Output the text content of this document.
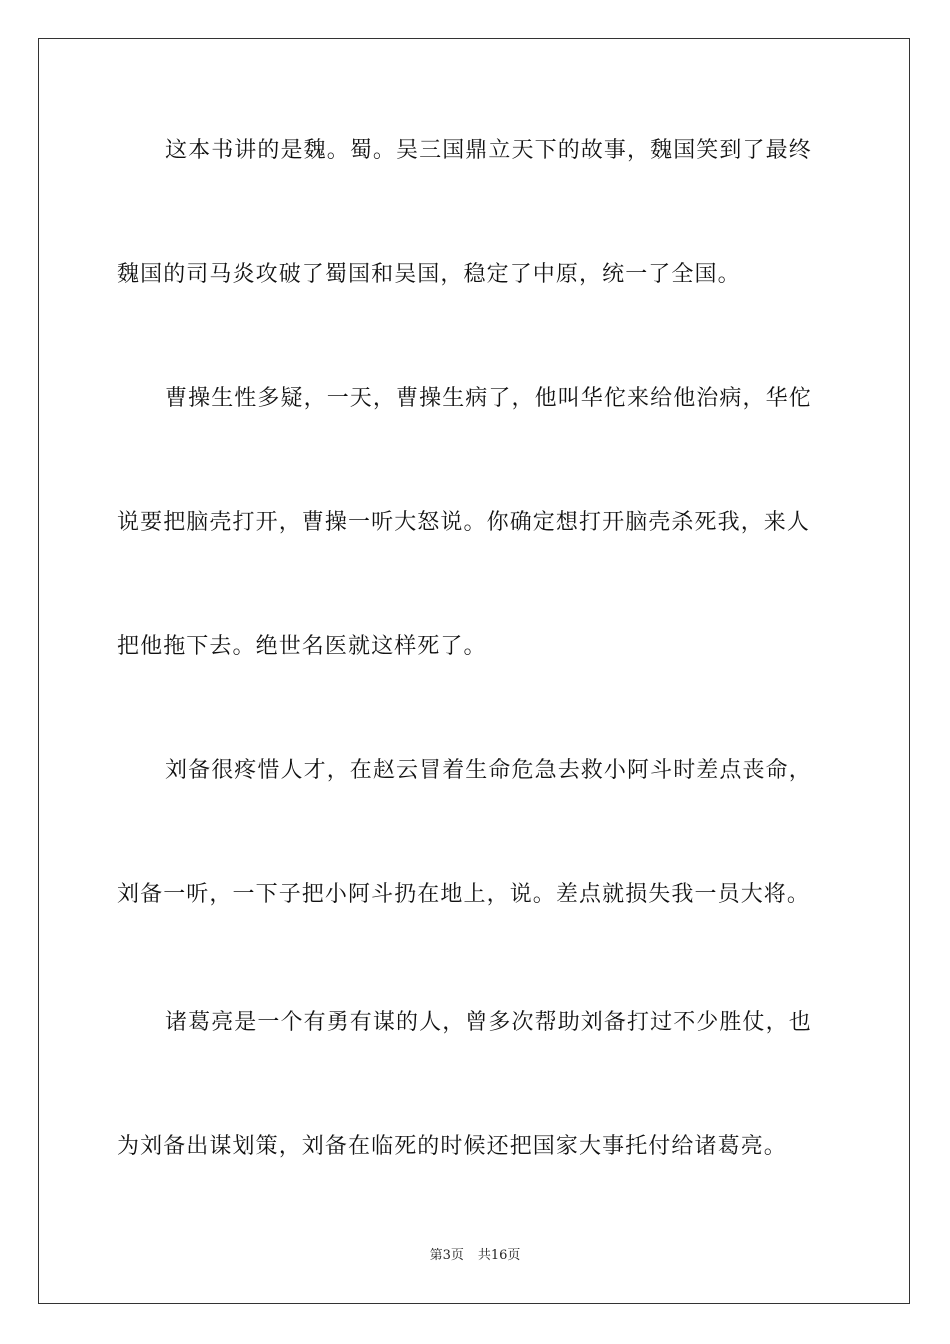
这本书讲的是魏。蜀。吴三国鼎立天下的故事，魏国笑到了最终
魏国的司马炎攻破了蜀国和吴国，稳定了中原，统一了全国。
曹操生性多疑，一天，曹操生病了，他叫华佗来给他治病，华佗
说要把脑壳打开，曹操一听大怒说。你确定想打开脑壳杀死我，来人
把他拖下去。绝世名医就这样死了。
刘备很疼惜人才，在赵云冒着生命危急去救小阿斗时差点丧命，
刘备一听，一下子把小阿斗扔在地上，说。差点就损失我一员大将。
诸葛亮是一个有勇有谋的人，曾多次帮助刘备打过不少胜仗，也
为刘备出谋划策，刘备在临死的时候还把国家大事托付给诸葛亮。
第3页 共16页
